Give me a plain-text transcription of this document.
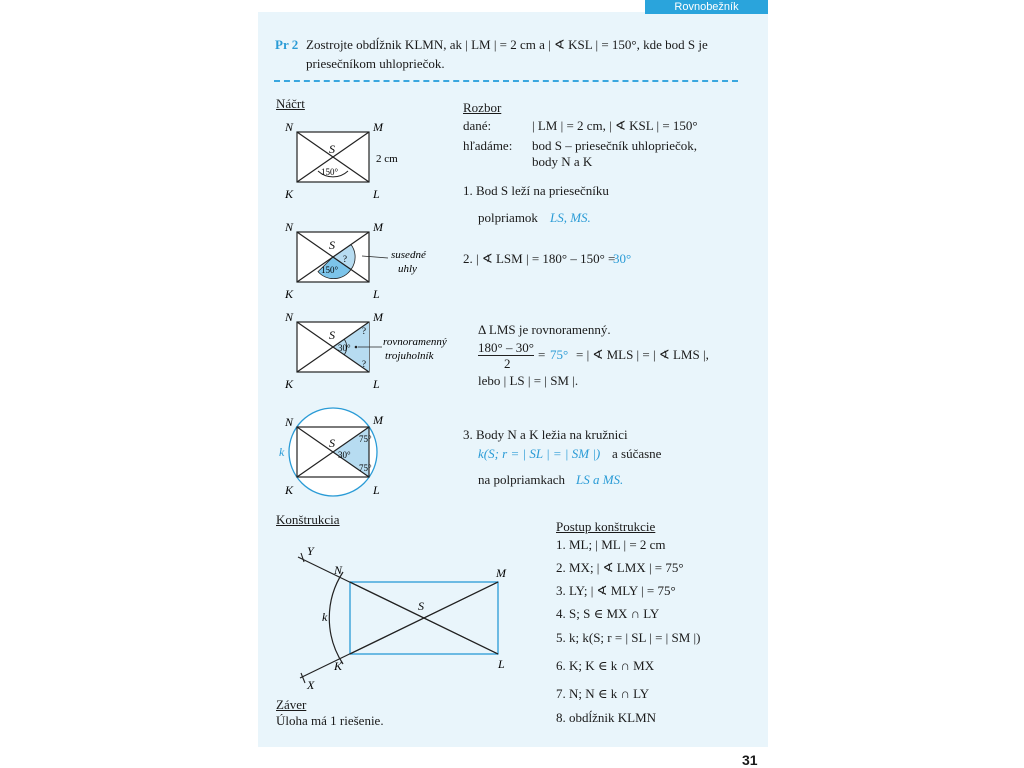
Rovnobežník
31
Pr 2 Zostrojte obdĺžnik KLMN, ak | LM | = 2 cm a | ∢ KSL | = 150°, kde bod S je
priesečníkom uhlopriečok.
Náčrt
N	M
K	L
S
150°
2 cm
N	M
K	L
S
150°
?	susedné
uhly
N	M
K	L
S
30°
?
?
rovnoramenný
trojuholník
N	M
K	L
S
30°
75°
75°
k
Rozbor
dané:	| LM | = 2 cm, | ∢ KSL | = 150°
hľadáme: bod S – priesečník uhlopriečok,
body N a K
1. Bod S leží na priesečníku
polpriamok LS, MS.
2. | ∢ LSM | = 180° – 150° =
30°
Δ LMS je rovnoramenný.
180° – 30°
2
= 75° = | ∢ MLS | = | ∢ LMS |,
lebo | LS | = | SM |.
3. Body N a K ležia na kružnici
k(S; r = | SL | = | SM |) a súčasne
na polpriamkach LS a MS.
Konštrukcia
Y
X
N	M
K	L
S
k
Postup konštrukcie
1. ML; | ML | = 2 cm
2. MX; | ∢ LMX | = 75°
3. LY; | ∢ MLY | = 75°
4. S; S ∈ MX ∩ LY
5. k; k(S; r = | SL | = | SM |)
6. K; K ∈ k ∩ MX
7. N; N ∈ k ∩ LY
8. obdĺžnik KLMN
Záver
Úloha má 1 riešenie.
